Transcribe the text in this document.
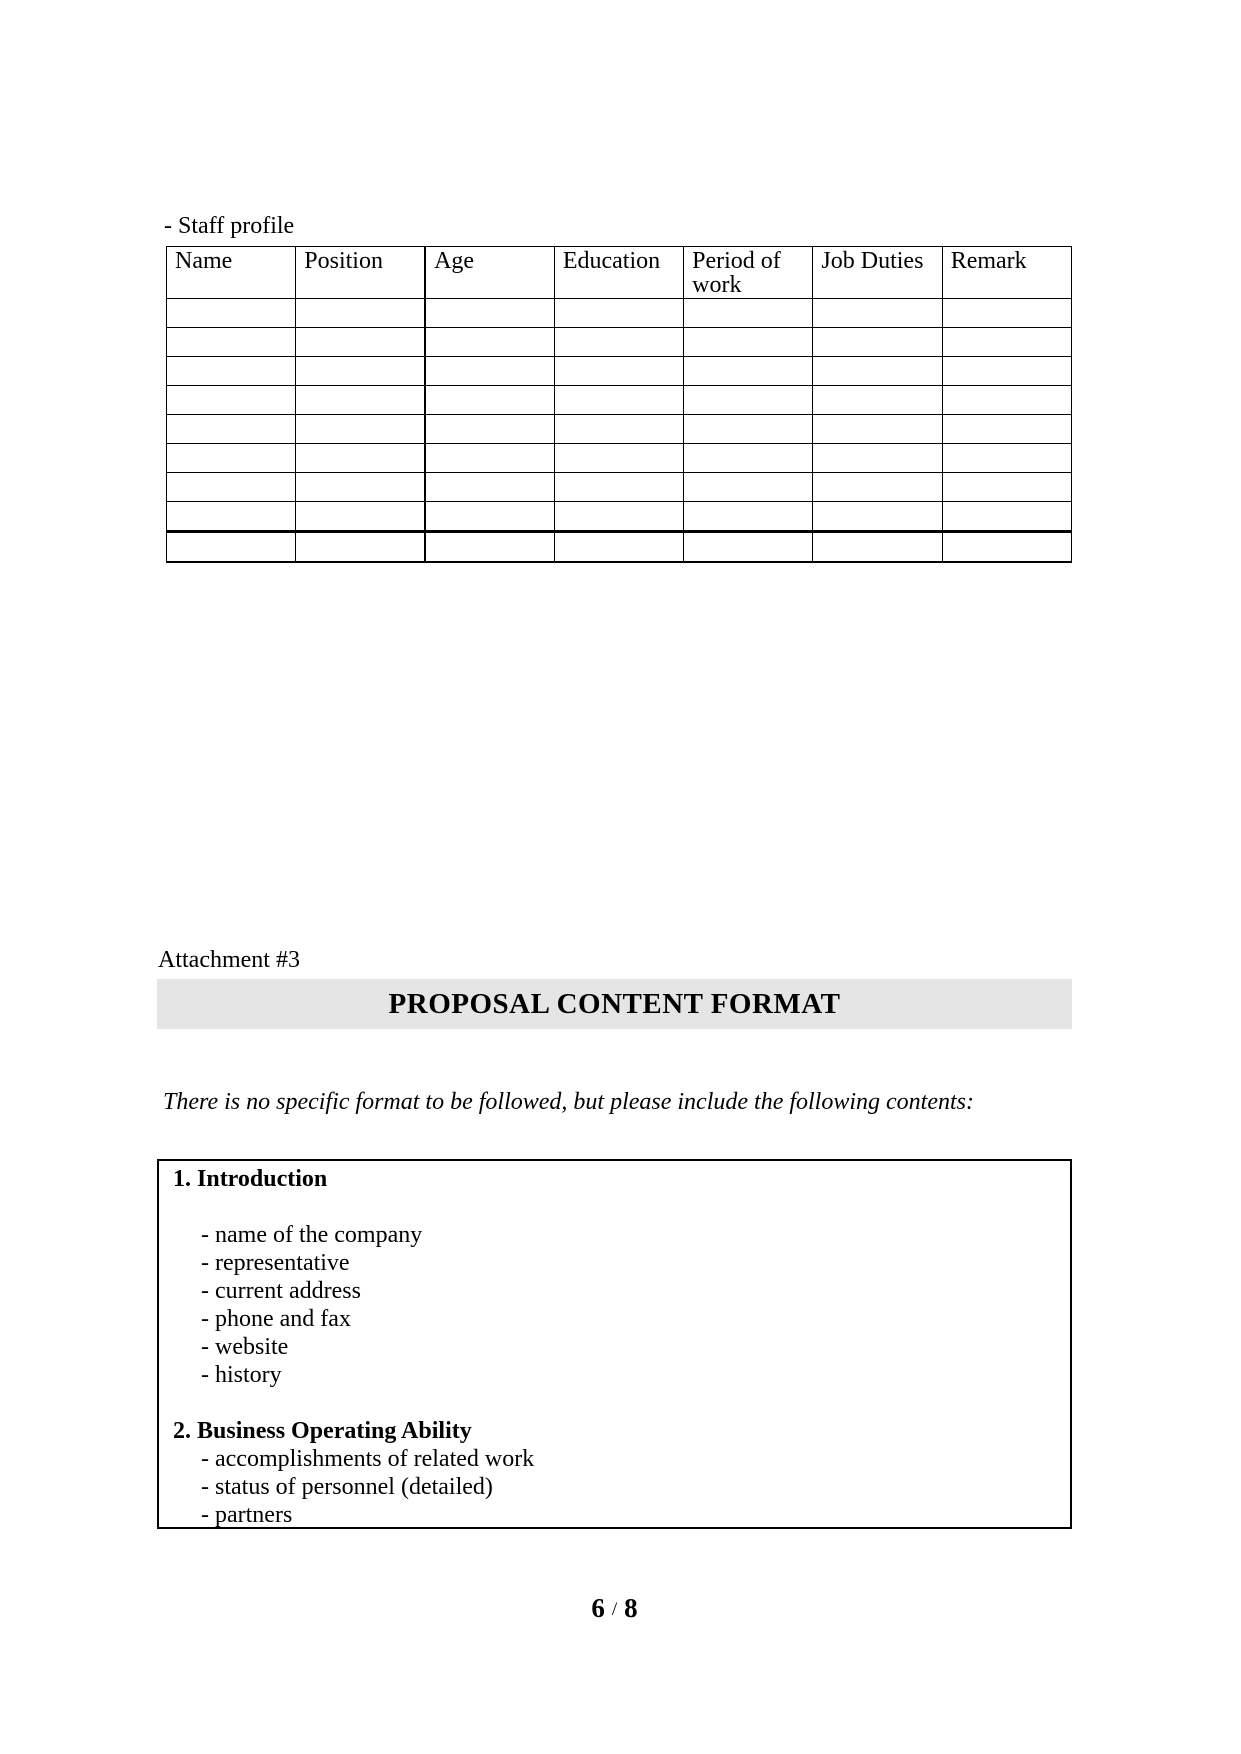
- Staff profile
Name	Position	Age	Education	Period of work	Job Duties	Remark

Attachment #3
PROPOSAL CONTENT FORMAT
There is no specific format to be followed, but please include the following contents:
1. Introduction
- name of the company
- representative
- current address
- phone and fax
- website
- history
2. Business Operating Ability
- accomplishments of related work
- status of personnel (detailed)
- partners
6 / 8
